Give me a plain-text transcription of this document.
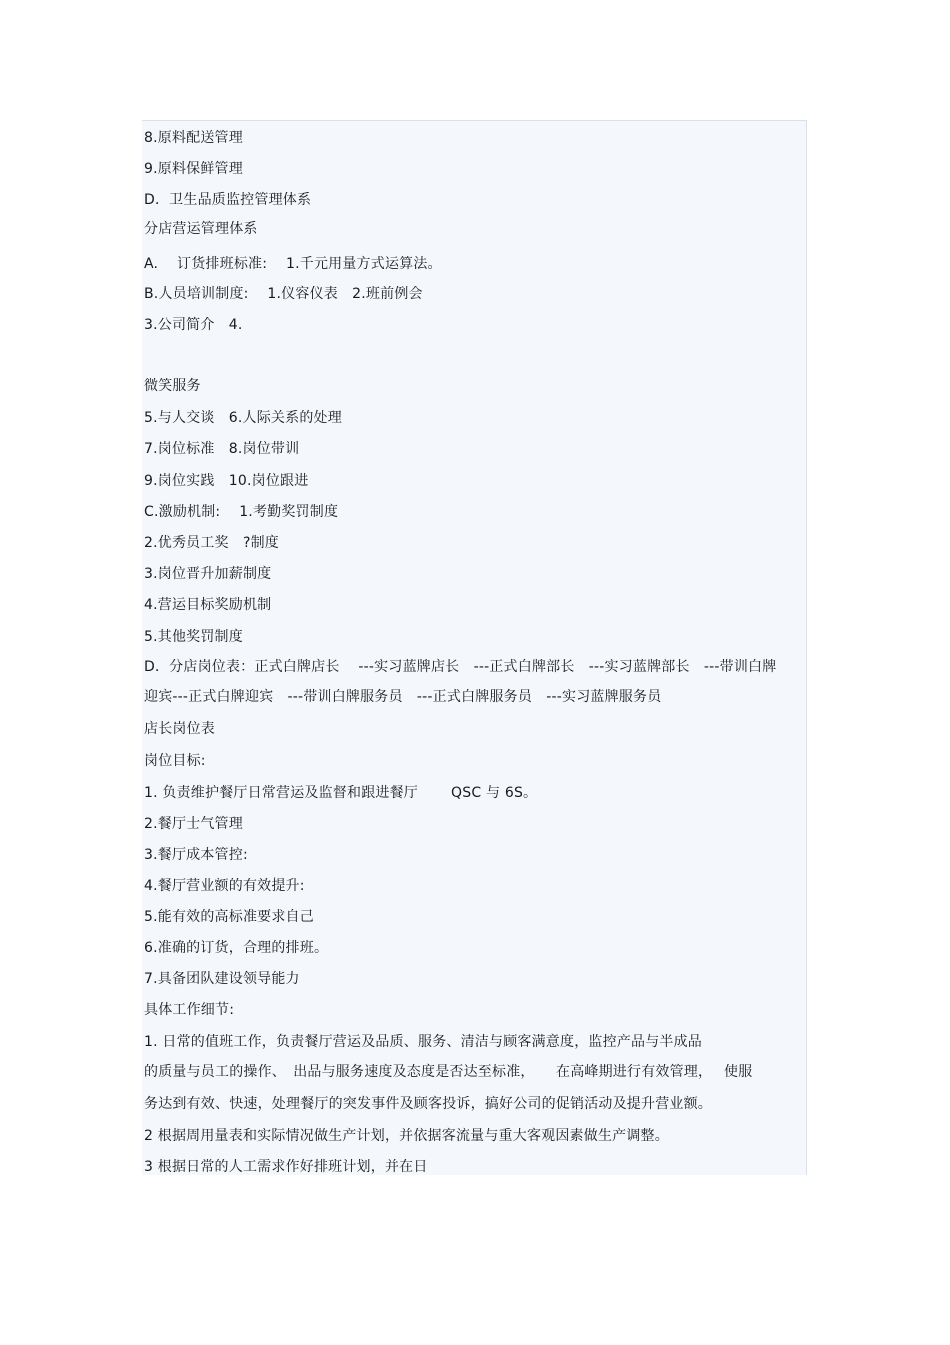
8.原料配送管理
9.原料保鲜管理
D．卫生品质监控管理体系
分店营运管理体系
A.　 订货排班标准:　 1.千元用量方式运算法。
B.人员培训制度:　 1.仪容仪表　2.班前例会
3.公司简介　4.
微笑服务
5.与人交谈　6.人际关系的处理
7.岗位标准　8.岗位带训
9.岗位实践　10.岗位跟进
C.激励机制:　 1.考勤奖罚制度
2.优秀员工奖　?制度
3.岗位晋升加薪制度
4.营运目标奖励机制
5.其他奖罚制度
D．分店岗位表：正式白牌店长　 ---实习蓝牌店长　---正式白牌部长　---实习蓝牌部长　---带训白牌
迎宾---正式白牌迎宾　---带训白牌服务员　---正式白牌服务员　---实习蓝牌服务员
店长岗位表
岗位目标:
1. 负责维护餐厅日常营运及监督和跟进餐厅　　 QSC 与 6S。
2.餐厅士气管理
3.餐厅成本管控:
4.餐厅营业额的有效提升:
5.能有效的高标准要求自己
6.准确的订货，合理的排班。
7.具备团队建设领导能力
具体工作细节:
1. 日常的值班工作，负责餐厅营运及品质、服务、清洁与顾客满意度，监控产品与半成品
的质量与员工的操作、　出品与服务速度及态度是否达至标准，　　在高峰期进行有效管理，　 使服
务达到有效、快速，处理餐厅的突发事件及顾客投诉，搞好公司的促销活动及提升营业额。
2 根据周用量表和实际情况做生产计划，并依据客流量与重大客观因素做生产调整。
3 根据日常的人工需求作好排班计划，并在日
